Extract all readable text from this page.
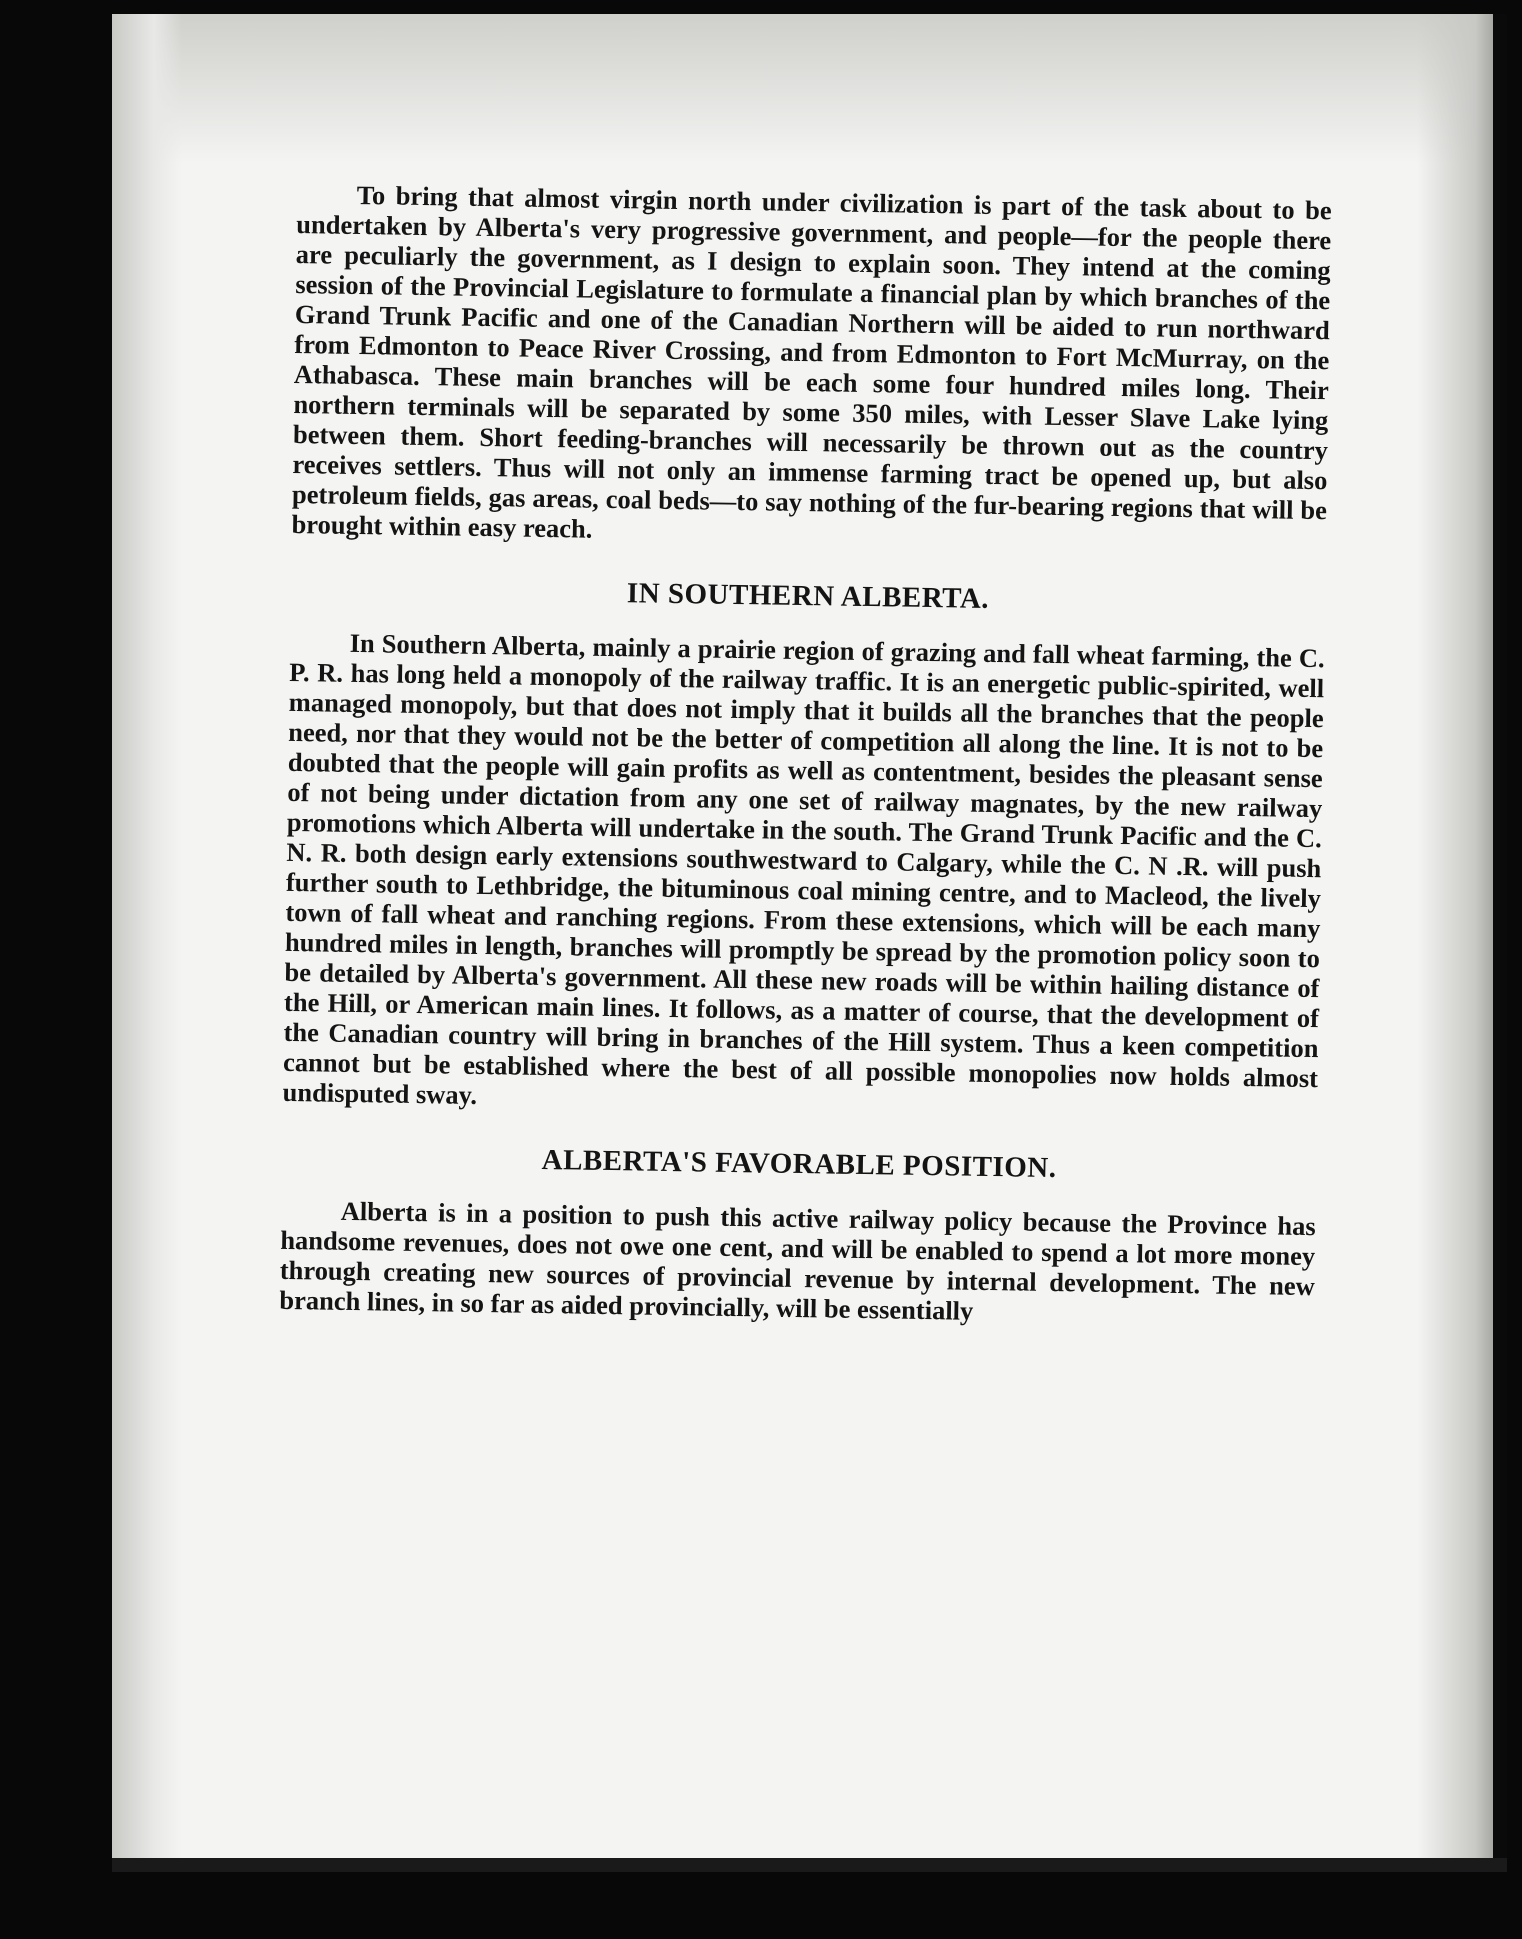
To bring that almost virgin north under civilization is part of the task about to be undertaken by Alberta's very progressive government, and people—for the people there are peculiarly the government, as I design to explain soon. They intend at the coming session of the Provincial Legislature to formulate a financial plan by which branches of the Grand Trunk Pacific and one of the Canadian Northern will be aided to run northward from Edmonton to Peace River Crossing, and from Edmonton to Fort McMurray, on the Athabasca. These main branches will be each some four hundred miles long. Their northern terminals will be separated by some 350 miles, with Lesser Slave Lake lying between them. Short feeding-branches will necessarily be thrown out as the country receives settlers. Thus will not only an immense farming tract be opened up, but also petroleum fields, gas areas, coal beds—to say nothing of the fur-bearing regions that will be brought within easy reach.

IN SOUTHERN ALBERTA.

In Southern Alberta, mainly a prairie region of grazing and fall wheat farming, the C. P. R. has long held a monopoly of the railway traffic. It is an energetic public-spirited, well managed monopoly, but that does not imply that it builds all the branches that the people need, nor that they would not be the better of competition all along the line. It is not to be doubted that the people will gain profits as well as contentment, besides the pleasant sense of not being under dictation from any one set of railway magnates, by the new railway promotions which Alberta will undertake in the south. The Grand Trunk Pacific and the C. N. R. both design early extensions southwestward to Calgary, while the C. N .R. will push further south to Lethbridge, the bituminous coal mining centre, and to Macleod, the lively town of fall wheat and ranching regions. From these extensions, which will be each many hundred miles in length, branches will promptly be spread by the promotion policy soon to be detailed by Alberta's government. All these new roads will be within hailing distance of the Hill, or American main lines. It follows, as a matter of course, that the development of the Canadian country will bring in branches of the Hill system. Thus a keen competition cannot but be established where the best of all possible monopolies now holds almost undisputed sway.

ALBERTA'S FAVORABLE POSITION.

Alberta is in a position to push this active railway policy because the Province has handsome revenues, does not owe one cent, and will be enabled to spend a lot more money through creating new sources of provincial revenue by internal development. The new branch lines, in so far as aided provincially, will be essentially
